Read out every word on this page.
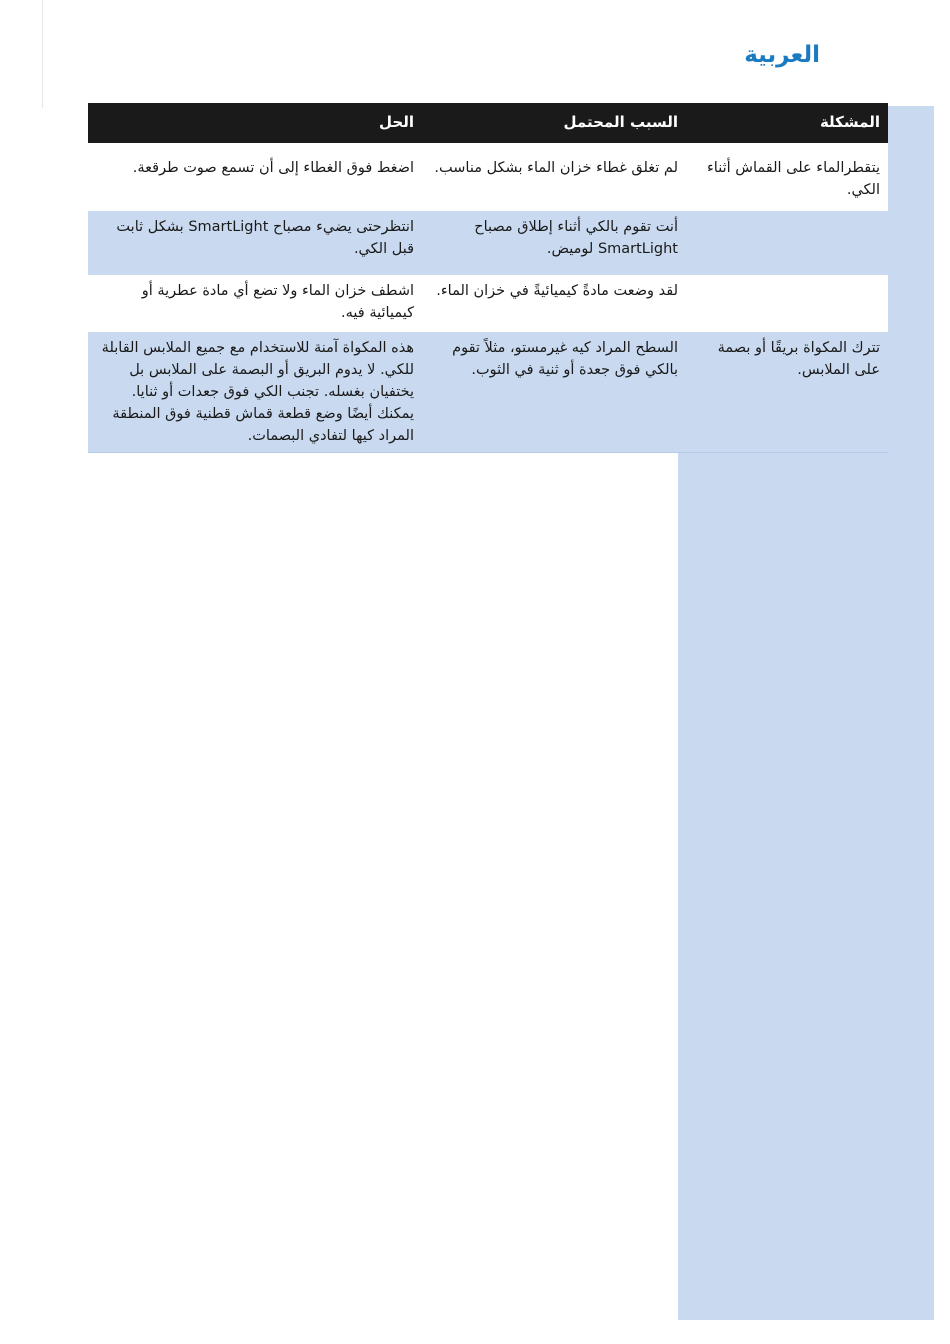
العربية
المشكلة
السبب المحتمل
الحل
يتقطرالماء على القماش أثناء الكي.
لم تغلق غطاء خزان الماء بشكل مناسب.
اضغط فوق الغطاء إلى أن تسمع صوت طرقعة.
أنت تقوم بالكي أثناء إطلاق مصباح SmartLight لوميض.
انتظرحتى يضيء مصباح SmartLight بشكل ثابت قبل الكي.
لقد وضعت مادةً كيميائيةً في خزان الماء.
اشطف خزان الماء ولا تضع أي مادة عطرية أو كيميائية فيه.
تترك المكواة بريقًا أو بصمة على الملابس.
السطح المراد كيه غيرمستو، مثلاً تقوم بالكي فوق جعدة أو ثنية في الثوب.
هذه المكواة آمنة للاستخدام مع جميع الملابس القابلة للكي. لا يدوم البريق أو البصمة على الملابس بل يختفيان بغسله. تجنب الكي فوق جعدات أو ثنايا. يمكنك أيضًا وضع قطعة قماش قطنية فوق المنطقة المراد كيها لتفادي البصمات.
